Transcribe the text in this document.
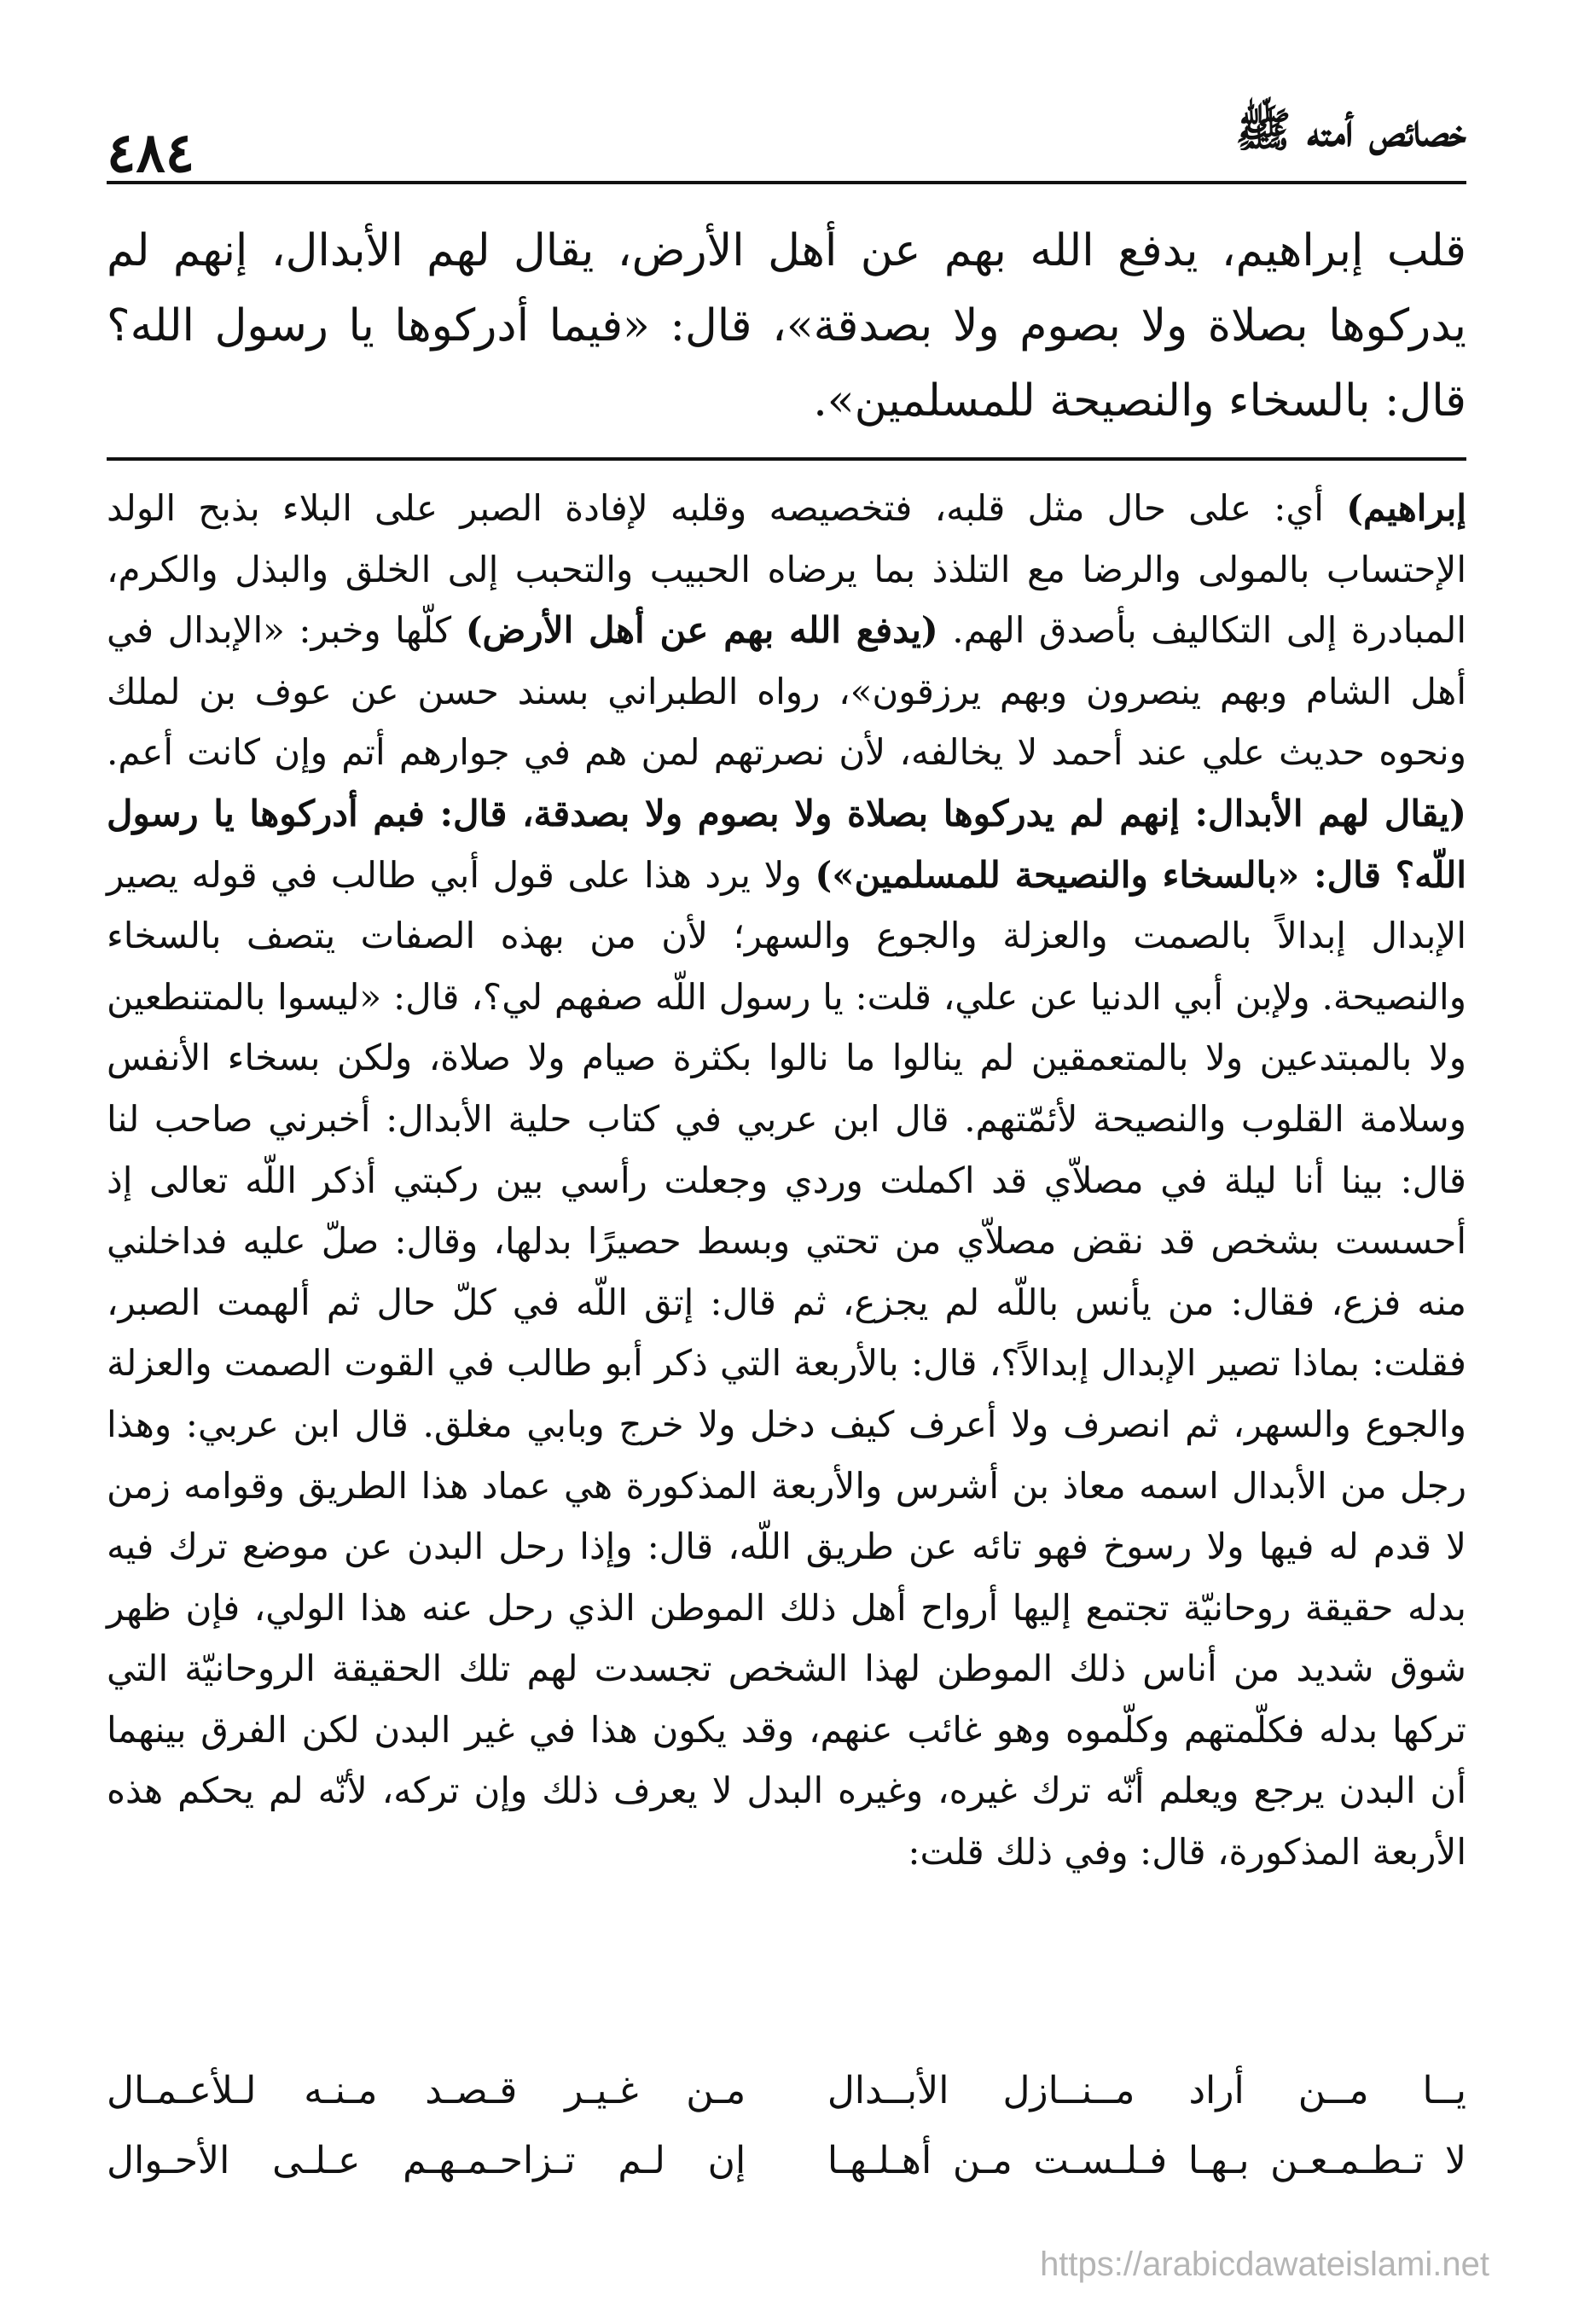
خصائص أمته ﷺ
٤٨٤
قلب إبراهيم، يدفع الله بهم عن أهل الأرض، يقال لهم الأبدال، إنهم لم يدركوها بصلاة ولا بصوم ولا بصدقة»، قال: «فيما أدركوها يا رسول الله؟ قال: بالسخاء والنصيحة للمسلمين».

إبراهيم) أي: على حال مثل قلبه، فتخصيصه وقلبه لإفادة الصبر على البلاء بذبح الولد الإحتساب بالمولى والرضا مع التلذذ بما يرضاه الحبيب والتحبب إلى الخلق والبذل والكرم، المبادرة إلى التكاليف بأصدق الهم. (يدفع الله بهم عن أهل الأرض) كلّها وخبر: «الإبدال في أهل الشام وبهم ينصرون وبهم يرزقون»، رواه الطبراني بسند حسن عن عوف بن لملك ونحوه حديث علي عند أحمد لا يخالفه، لأن نصرتهم لمن هم في جوارهم أتم وإن كانت أعم. (يقال لهم الأبدال: إنهم لم يدركوها بصلاة ولا بصوم ولا بصدقة، قال: فبم أدركوها يا رسول اللّه؟ قال: «بالسخاء والنصيحة للمسلمين») ولا يرد هذا على قول أبي طالب في قوله يصير الإبدال إبدالاً بالصمت والعزلة والجوع والسهر؛ لأن من بهذه الصفات يتصف بالسخاء والنصيحة. ولإبن أبي الدنيا عن علي، قلت: يا رسول اللّه صفهم لي؟، قال: «ليسوا بالمتنطعين ولا بالمبتدعين ولا بالمتعمقين لم ينالوا ما نالوا بكثرة صيام ولا صلاة، ولكن بسخاء الأنفس وسلامة القلوب والنصيحة لأئمّتهم. قال ابن عربي في كتاب حلية الأبدال: أخبرني صاحب لنا قال: بينا أنا ليلة في مصلاّي قد اكملت وردي وجعلت رأسي بين ركبتي أذكر اللّه تعالى إذ أحسست بشخص قد نقض مصلاّي من تحتي وبسط حصيرًا بدلها، وقال: صلّ عليه فداخلني منه فزع، فقال: من يأنس باللّه لم يجزع، ثم قال: إتق اللّه في كلّ حال ثم ألهمت الصبر، فقلت: بماذا تصير الإبدال إبدالاً؟، قال: بالأربعة التي ذكر أبو طالب في القوت الصمت والعزلة والجوع والسهر، ثم انصرف ولا أعرف كيف دخل ولا خرج وبابي مغلق. قال ابن عربي: وهذا رجل من الأبدال اسمه معاذ بن أشرس والأربعة المذكورة هي عماد هذا الطريق وقوامه زمن لا قدم له فيها ولا رسوخ فهو تائه عن طريق اللّه، قال: وإذا رحل البدن عن موضع ترك فيه بدله حقيقة روحانيّة تجتمع إليها أرواح أهل ذلك الموطن الذي رحل عنه هذا الولي، فإن ظهر شوق شديد من أناس ذلك الموطن لهذا الشخص تجسدت لهم تلك الحقيقة الروحانيّة التي تركها بدله فكلّمتهم وكلّموه وهو غائب عنهم، وقد يكون هذا في غير البدن لكن الفرق بينهما أن البدن يرجع ويعلم أنّه ترك غيره، وغيره البدل لا يعرف ذلك وإن تركه، لأنّه لم يحكم هذه الأربعة المذكورة، قال: وفي ذلك قلت:

يــا مــن أراد مــنــازل الأبــدال
مـن غـيـر قـصـد مـنـه لـلأعـمـال
لا تـطـمـعـن بـهـا فـلـسـت مـن أهـلـهـا
إن لـم تـزاحـمـهـم عـلـى الأحـوال
https://arabicdawateislami.net
